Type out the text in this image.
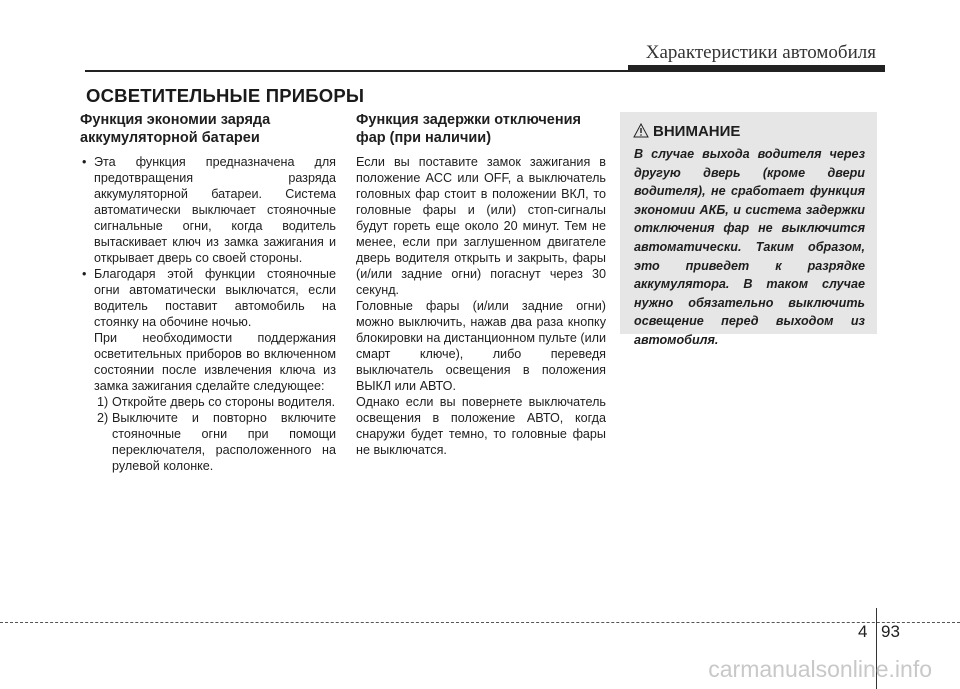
Характеристики автомобиля
ОСВЕТИТЕЛЬНЫЕ ПРИБОРЫ
Функция экономии заряда аккумуляторной батареи
• Эта функция предназначена для предотвращения разряда аккумуляторной батареи. Система автоматически выключает стояночные сигнальные огни, когда водитель вытаскивает ключ из замка зажигания и открывает дверь со своей стороны.
• Благодаря этой функции стояночные огни автоматически выключатся, если водитель поставит автомобиль на стоянку на обочине ночью.
При необходимости поддержания осветительных приборов во включенном состоянии после извлечения ключа из замка зажигания сделайте следующее:
1) Откройте дверь со стороны водителя.
2) Выключите и повторно включите стояночные огни при помощи переключателя, расположенного на рулевой колонке.
Функция задержки отключения фар (при наличии)
Если вы поставите замок зажигания в положение ACC или OFF, а выключатель головных фар стоит в положении ВКЛ, то головные фары и (или) стоп-сигналы будут гореть еще около 20 минут. Тем не менее, если при заглушенном двигателе дверь водителя открыть и закрыть, фары (и/или задние огни) погаснут через 30 секунд.
Головные фары (и/или задние огни) можно выключить, нажав два раза кнопку блокировки на дистанционном пульте (или смарт ключе), либо переведя выключатель освещения в положения ВЫКЛ или АВТО.
Однако если вы повернете выключатель освещения в положение АВТО, когда снаружи будет темно, то головные фары не выключатся.
ВНИМАНИЕ
В случае выхода водителя через другую дверь (кроме двери водителя), не сработает функция экономии АКБ, и система задержки отключения фар не выключится автоматически. Таким образом, это приведет к разрядке аккумулятора. В таком случае нужно обязательно выключить освещение перед выходом из автомобиля.
4 93
carmanualsonline.info
